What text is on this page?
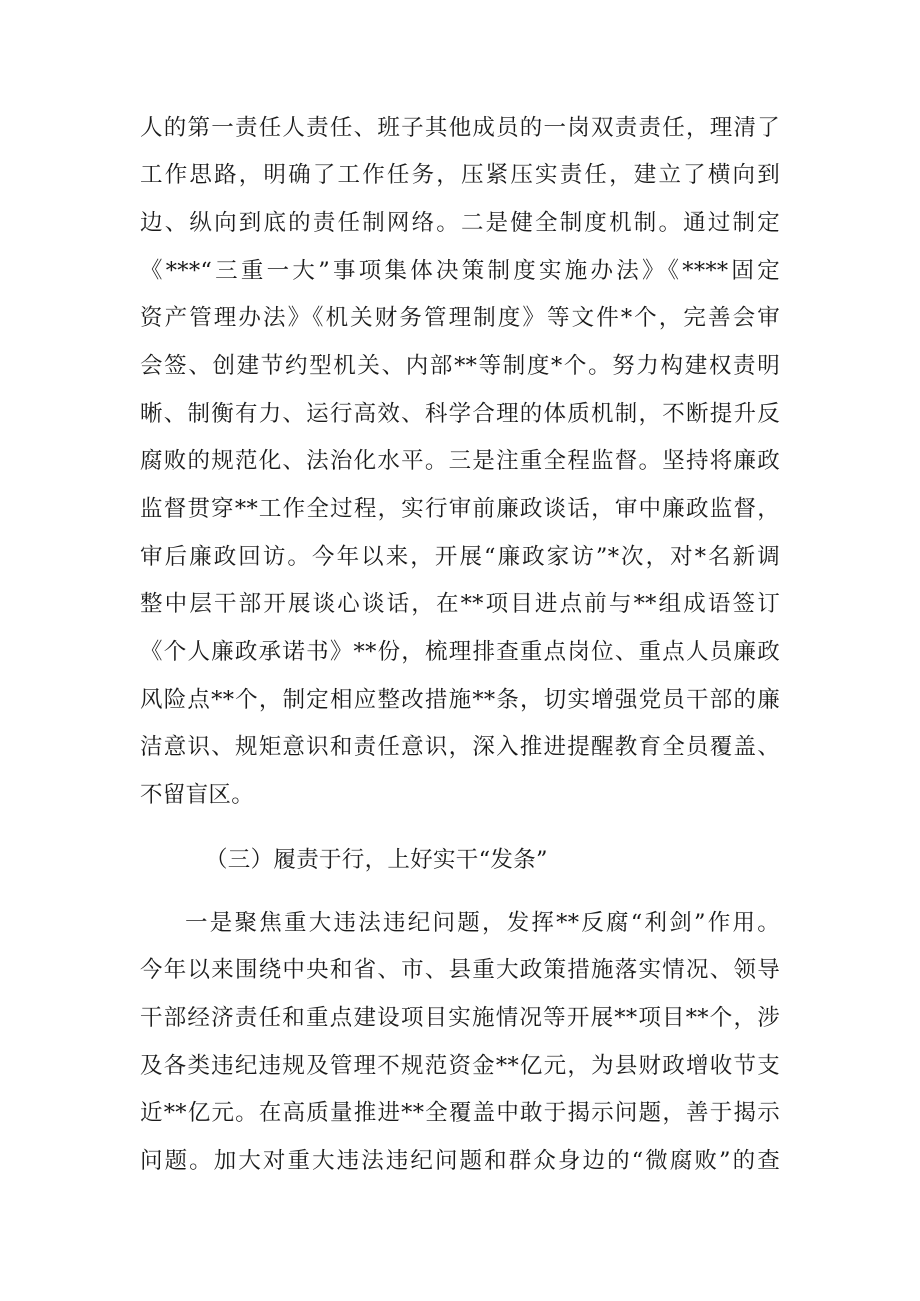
人的第一责任人责任、班子其他成员的一岗双责责任，理清了
工作思路，明确了工作任务，压紧压实责任，建立了横向到
边、纵向到底的责任制网络。二是健全制度机制。通过制定
《***“三重一大”事项集体决策制度实施办法》《****固定
资产管理办法》《机关财务管理制度》等文件*个，完善会审
会签、创建节约型机关、内部**等制度*个。努力构建权责明
晰、制衡有力、运行高效、科学合理的体质机制，不断提升反
腐败的规范化、法治化水平。三是注重全程监督。坚持将廉政
监督贯穿**工作全过程，实行审前廉政谈话，审中廉政监督，
审后廉政回访。今年以来，开展“廉政家访”*次，对*名新调
整中层干部开展谈心谈话，在**项目进点前与**组成语签订
《个人廉政承诺书》**份，梳理排查重点岗位、重点人员廉政
风险点**个，制定相应整改措施**条，切实增强党员干部的廉
洁意识、规矩意识和责任意识，深入推进提醒教育全员覆盖、
不留盲区。
（三）履责于行，上好实干“发条”
一是聚焦重大违法违纪问题，发挥**反腐“利剑”作用。
今年以来围绕中央和省、市、县重大政策措施落实情况、领导
干部经济责任和重点建设项目实施情况等开展**项目**个，涉
及各类违纪违规及管理不规范资金**亿元，为县财政增收节支
近**亿元。在高质量推进**全覆盖中敢于揭示问题，善于揭示
问题。加大对重大违法违纪问题和群众身边的“微腐败”的查
